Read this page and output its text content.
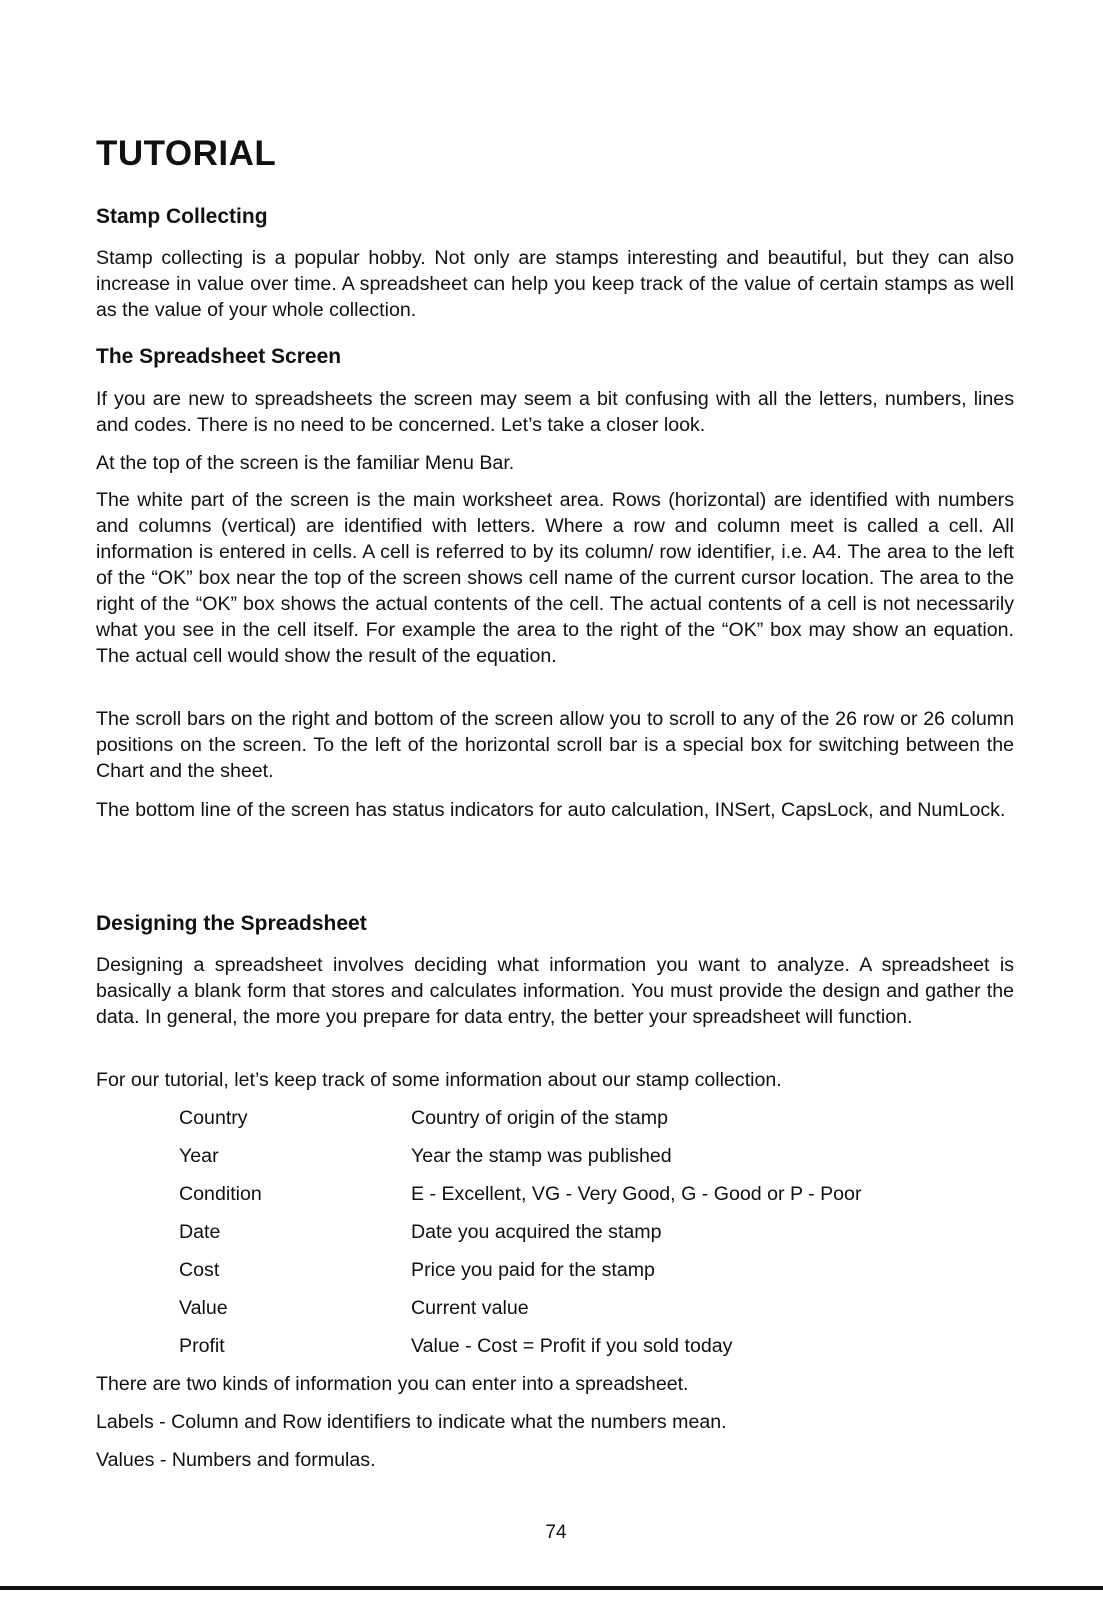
TUTORIAL
Stamp Collecting

Stamp collecting is a popular hobby. Not only are stamps interesting and beautiful, but they can also increase in value over time. A spreadsheet can help you keep track of the value of certain stamps as well as the value of your whole collection.

The Spreadsheet Screen

If you are new to spreadsheets the screen may seem a bit confusing with all the letters, numbers, lines and codes. There is no need to be concerned. Let’s take a closer look.

At the top of the screen is the familiar Menu Bar.

The white part of the screen is the main worksheet area. Rows (horizontal) are identified with numbers and columns (vertical) are identified with letters. Where a row and column meet is called a cell. All information is entered in cells. A cell is referred to by its column/ row identifier, i.e. A4. The area to the left of the “OK” box near the top of the screen shows cell name of the current cursor location. The area to the right of the “OK” box shows the actual contents of the cell. The actual contents of a cell is not necessarily what you see in the cell itself. For example the area to the right of the “OK” box may show an equation. The actual cell would show the result of the equation.

The scroll bars on the right and bottom of the screen allow you to scroll to any of the 26 row or 26 column positions on the screen. To the left of the horizontal scroll bar is a special box for switching between the Chart and the sheet.

The bottom line of the screen has status indicators for auto calculation, INSert, CapsLock, and NumLock.

Designing the Spreadsheet

Designing a spreadsheet involves deciding what information you want to analyze. A spreadsheet is basically a blank form that stores and calculates information. You must provide the design and gather the data. In general, the more you prepare for data entry, the better your spreadsheet will function.

For our tutorial, let’s keep track of some information about our stamp collection.

Country	Country of origin of the stamp
Year	Year the stamp was published
Condition	E - Excellent, VG - Very Good, G - Good or P - Poor
Date	Date you acquired the stamp
Cost	Price you paid for the stamp
Value	Current value
Profit	Value - Cost = Profit if you sold today

There are two kinds of information you can enter into a spreadsheet.

Labels - Column and Row identifiers to indicate what the numbers mean.

Values - Numbers and formulas.

74
